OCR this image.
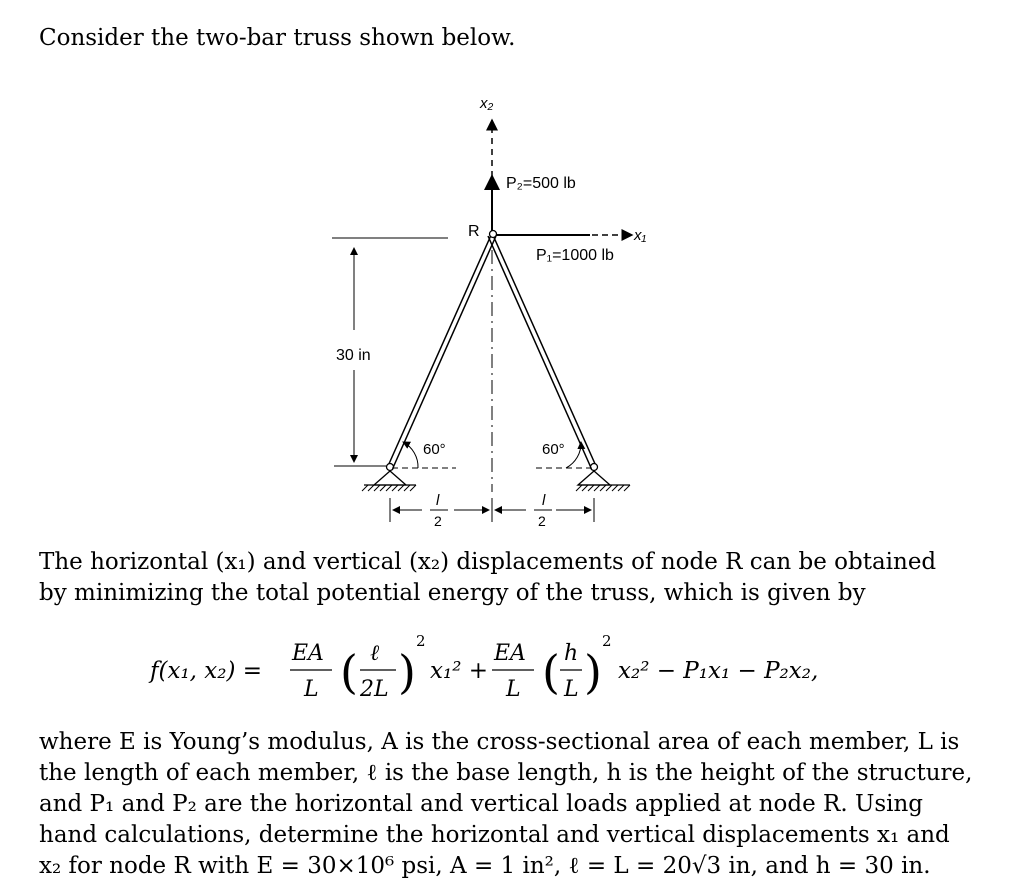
Consider the two-bar truss shown below.
x₂
P₂=500 lb
x₁
P₁=1000 lb
R
30 in
60°	60°
l
2
l
2
The horizontal (x₁) and vertical (x₂) displacements of node R can be obtained
by minimizing the total potential energy of the truss, which is given by
f(x₁, x₂) =
EA
L ( ℓ
2L )
2
x₁² +
EA
L ( h
L )
2
x₂² − P₁x₁ − P₂x₂,
where E is Young’s modulus, A is the cross-sectional area of each member, L is
the length of each member, ℓ is the base length, h is the height of the structure,
and P₁ and P₂ are the horizontal and vertical loads applied at node R. Using
hand calculations, determine the horizontal and vertical displacements x₁ and
x₂ for node R with E = 30×10⁶ psi, A = 1 in², ℓ = L = 20√3 in, and h = 30 in.
